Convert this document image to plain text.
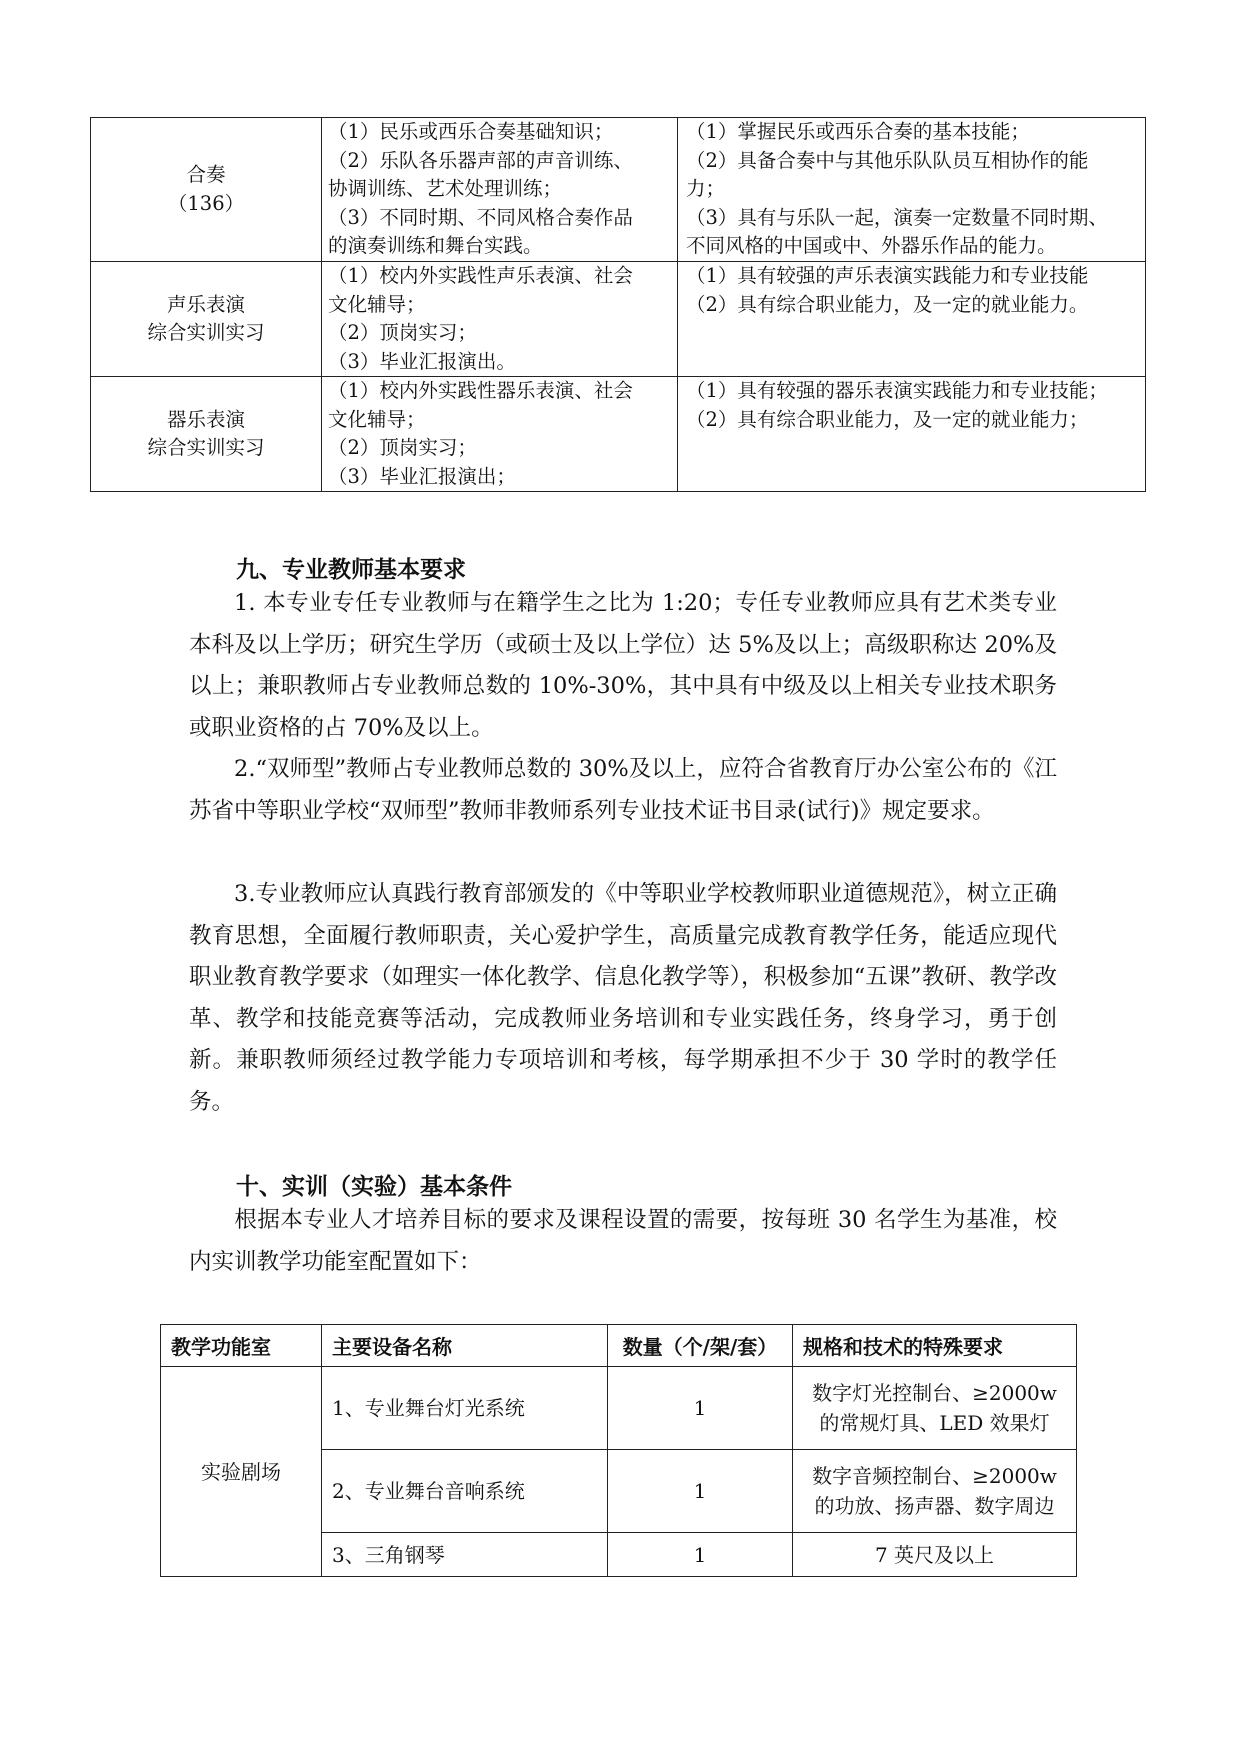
合奏
（136）	（1）民乐或西乐合奏基础知识；
（2）乐队各乐器声部的声音训练、
协调训练、艺术处理训练；
（3）不同时期、不同风格合奏作品
的演奏训练和舞台实践。	（1）掌握民乐或西乐合奏的基本技能；
（2）具备合奏中与其他乐队队员互相协作的能
力；
（3）具有与乐队一起，演奏一定数量不同时期、
不同风格的中国或中、外器乐作品的能力。

声乐表演
综合实训实习	（1）校内外实践性声乐表演、社会
文化辅导；
（2）顶岗实习；
（3）毕业汇报演出。	（1）具有较强的声乐表演实践能力和专业技能
（2）具有综合职业能力，及一定的就业能力。

器乐表演
综合实训实习	（1）校内外实践性器乐表演、社会
文化辅导；
（2）顶岗实习；
（3）毕业汇报演出；	（1）具有较强的器乐表演实践能力和专业技能；
（2）具有综合职业能力，及一定的就业能力；
九、专业教师基本要求

1. 本专业专任专业教师与在籍学生之比为 1:20；专任专业教师应具有艺术类专业本科及以上学历；研究生学历（或硕士及以上学位）达 5%及以上；高级职称达 20%及以上；兼职教师占专业教师总数的 10%-30%，其中具有中级及以上相关专业技术职务或职业资格的占 70%及以上。

2.“双师型”教师占专业教师总数的 30%及以上，应符合省教育厅办公室公布的《江苏省中等职业学校“双师型”教师非教师系列专业技术证书目录(试行)》规定要求。

3.专业教师应认真践行教育部颁发的《中等职业学校教师职业道德规范》，树立正确教育思想，全面履行教师职责，关心爱护学生，高质量完成教育教学任务，能适应现代职业教育教学要求（如理实一体化教学、信息化教学等），积极参加“五课”教研、教学改革、教学和技能竞赛等活动，完成教师业务培训和专业实践任务，终身学习，勇于创新。兼职教师须经过教学能力专项培训和考核，每学期承担不少于 30 学时的教学任务。

十、实训（实验）基本条件

根据本专业人才培养目标的要求及课程设置的需要，按每班 30 名学生为基准，校内实训教学功能室配置如下：

教学功能室	主要设备名称	数量（个/架/套）	规格和技术的特殊要求
实验剧场	1、专业舞台灯光系统	1	数字灯光控制台、≥2000w
的常规灯具、LED 效果灯

	2、专业舞台音响系统	1	数字音频控制台、≥2000w
的功放、扬声器、数字周边

	3、三角钢琴	1	7 英尺及以上
